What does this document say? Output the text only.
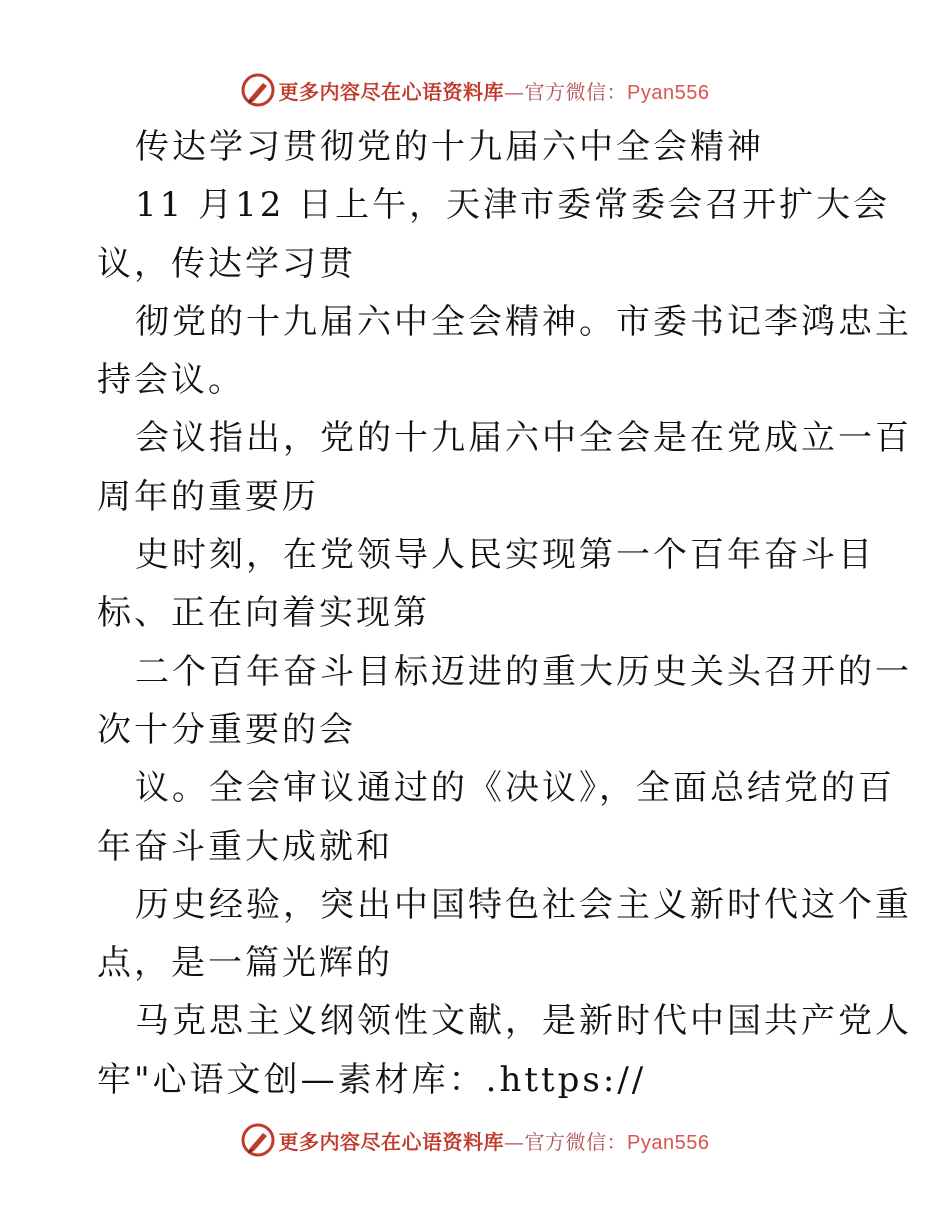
更多内容尽在心语资料库—官方微信：Pyan556
传达学习贯彻党的十九届六中全会精神
11 月12 日上午，天津市委常委会召开扩大会
议，传达学习贯
彻党的十九届六中全会精神。市委书记李鸿忠主
持会议。
会议指出，党的十九届六中全会是在党成立一百
周年的重要历
史时刻，在党领导人民实现第一个百年奋斗目
标、正在向着实现第
二个百年奋斗目标迈进的重大历史关头召开的一
次十分重要的会
议。全会审议通过的《决议》，全面总结党的百
年奋斗重大成就和
历史经验，突出中国特色社会主义新时代这个重
点，是一篇光辉的
马克思主义纲领性文献，是新时代中国共产党人
牢"心语文创—素材库：.https://
更多内容尽在心语资料库—官方微信：Pyan556
